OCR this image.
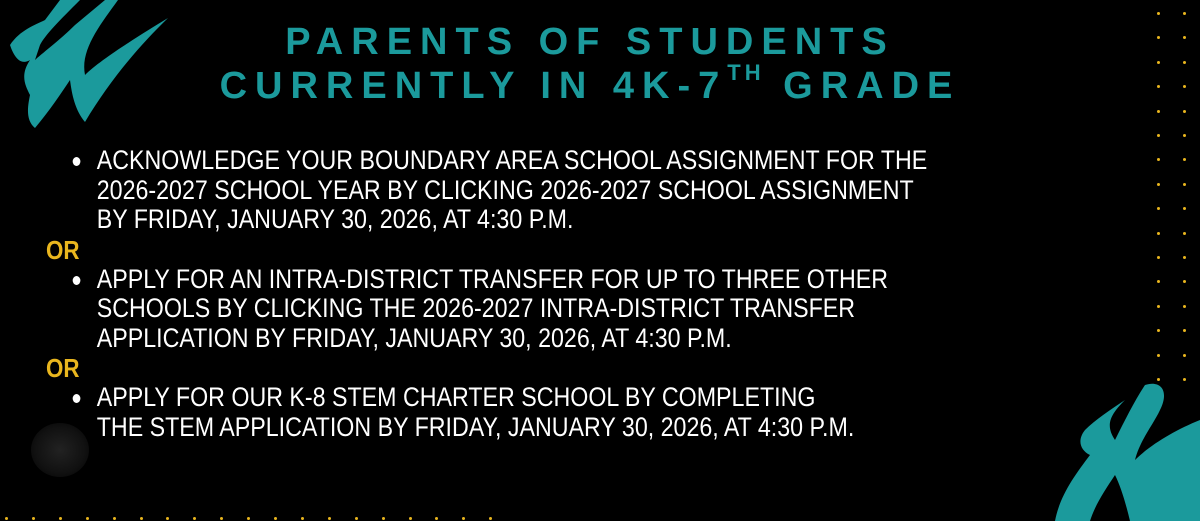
PARENTS OF STUDENTS
CURRENTLY IN 4K-7TH GRADE
ACKNOWLEDGE YOUR BOUNDARY AREA SCHOOL ASSIGNMENT FOR THE
2026-2027 SCHOOL YEAR BY CLICKING 2026-2027 SCHOOL ASSIGNMENT
BY FRIDAY, JANUARY 30, 2026, AT 4:30 P.M.
OR
APPLY FOR AN INTRA-DISTRICT TRANSFER FOR UP TO THREE OTHER
SCHOOLS BY CLICKING THE 2026-2027 INTRA-DISTRICT TRANSFER
APPLICATION BY FRIDAY, JANUARY 30, 2026, AT 4:30 P.M.
OR
APPLY FOR OUR K-8 STEM CHARTER SCHOOL BY COMPLETING
THE STEM APPLICATION BY FRIDAY, JANUARY 30, 2026, AT 4:30 P.M.
